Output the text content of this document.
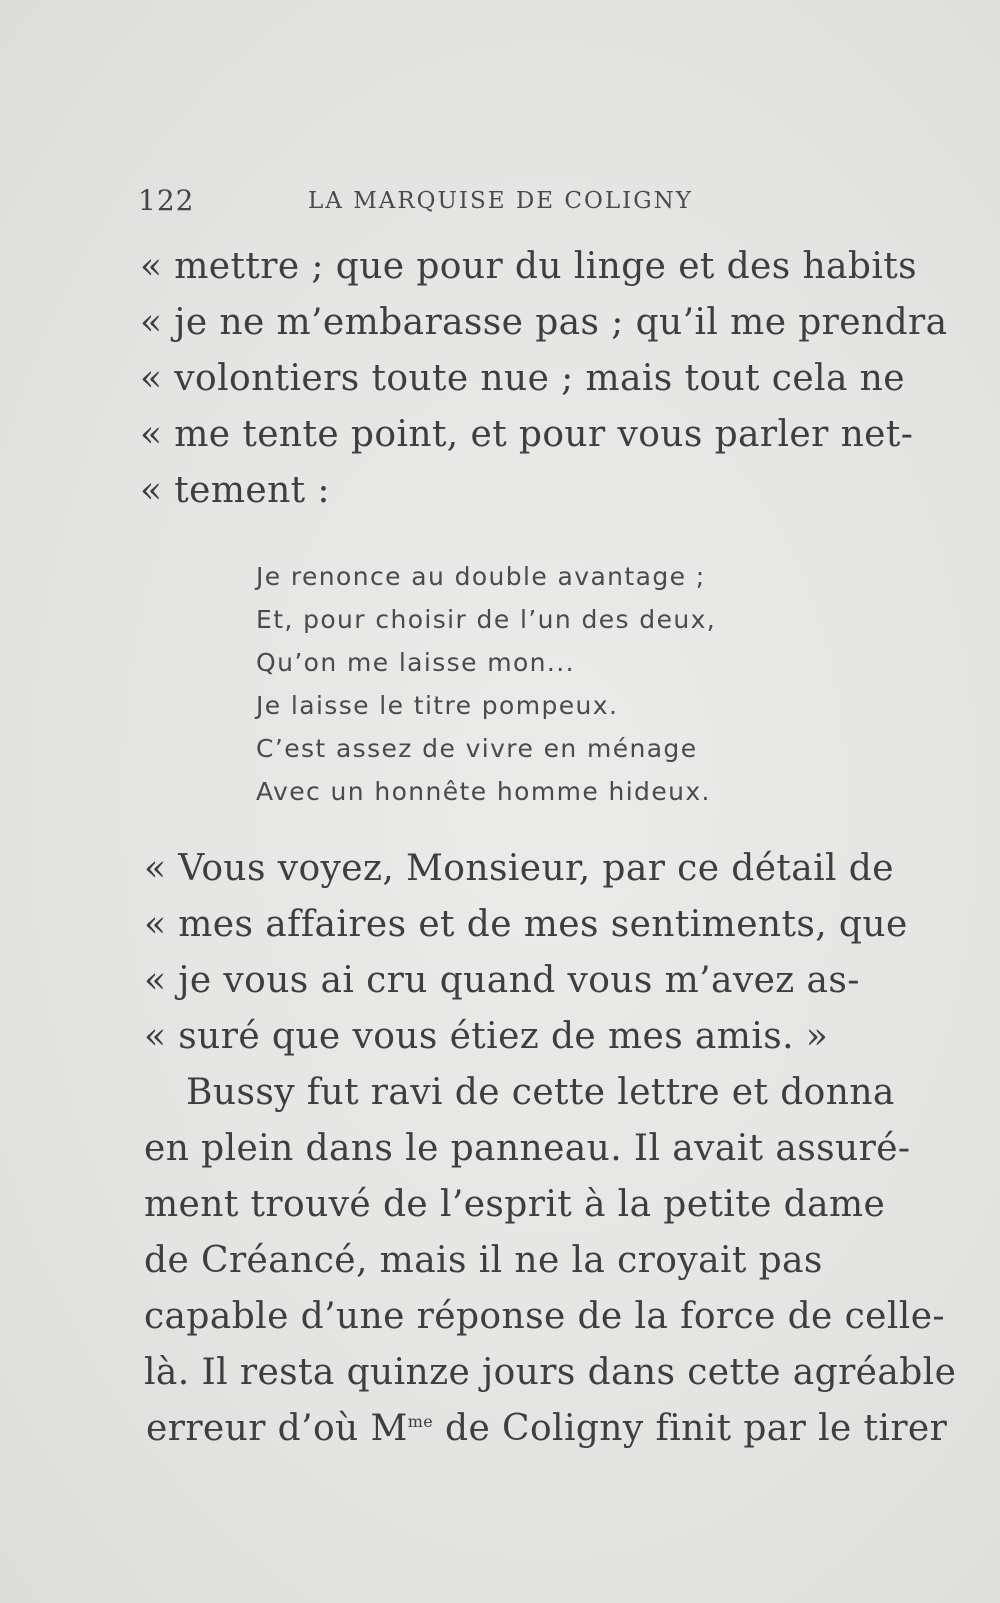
122	LA MARQUISE DE COLIGNY
« mettre ; que pour du linge et des habits
« je ne m’embarasse pas ; qu’il me prendra
« volontiers toute nue ; mais tout cela ne
« me tente point, et pour vous parler net-
« tement :
Je renonce au double avantage ;
Et, pour choisir de l’un des deux,
Qu’on me laisse mon...
Je laisse le titre pompeux.
C’est assez de vivre en ménage
Avec un honnête homme hideux.
« Vous voyez, Monsieur, par ce détail de
« mes affaires et de mes sentiments, que
« je vous ai cru quand vous m’avez as-
« suré que vous étiez de mes amis. »
Bussy fut ravi de cette lettre et donna
en plein dans le panneau. Il avait assuré-
ment trouvé de l’esprit à la petite dame
de Créancé, mais il ne la croyait pas
capable d’une réponse de la force de celle-
là. Il resta quinze jours dans cette agréable
erreur d’où $M^{me}$ de Coligny finit par le tirer
